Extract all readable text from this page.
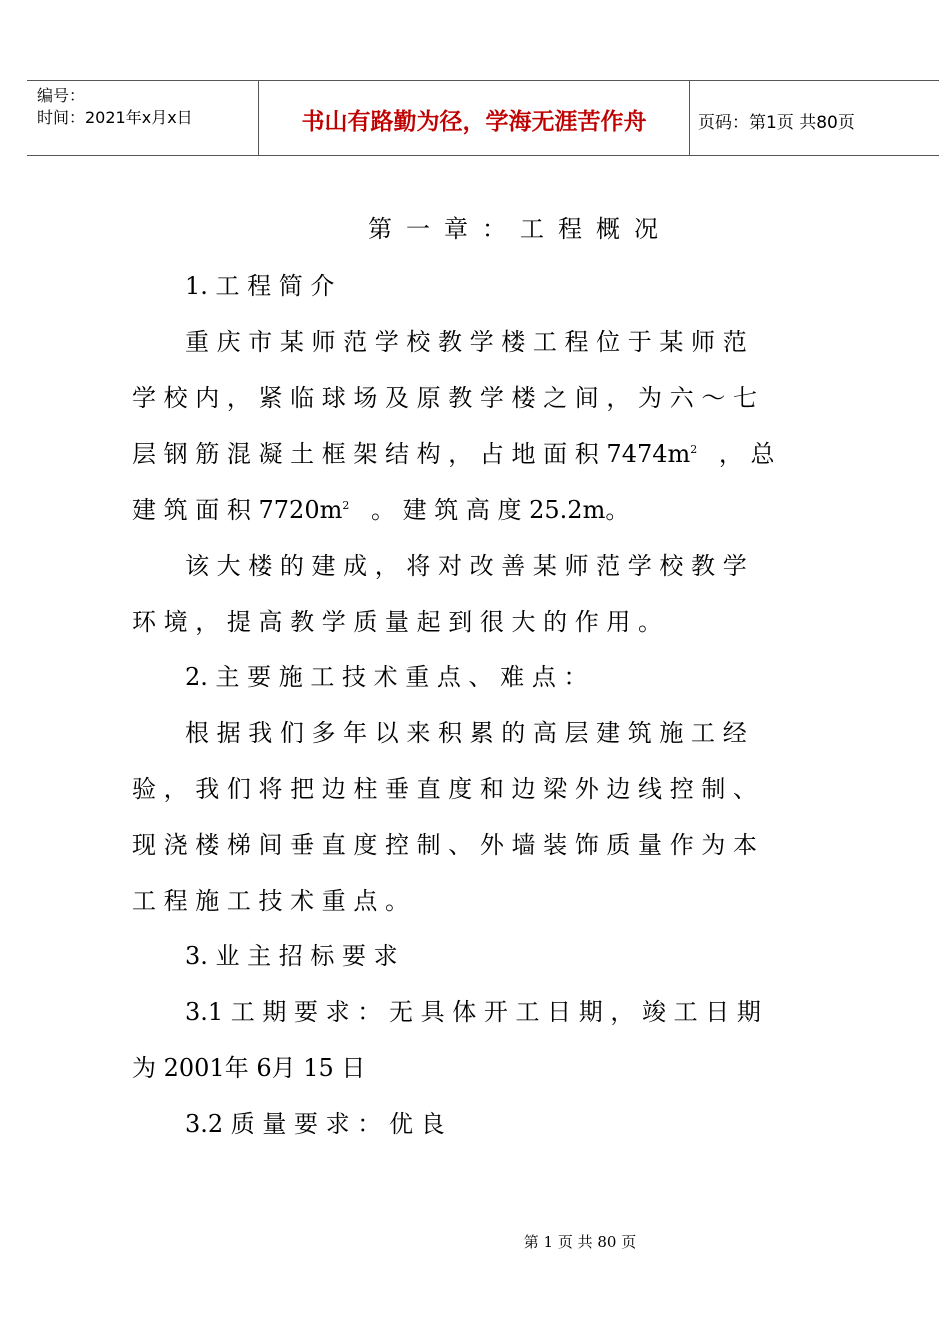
编号：
时间：2021年x月x日	书山有路勤为径，学海无涯苦作舟	页码：第1页 共80页
第一章：工程概况
1. 工 程 简 介
重 庆 市 某 师 范 学 校 教 学 楼 工 程 位 于 某 师 范
学 校 内 ， 紧 临 球 场 及 原 教 学 楼 之 间 ， 为 六 ～ 七
层 钢 筋 混 凝 土 框 架 结 构 ， 占 地 面 积 $7474m^2$ ， 总
建 筑 面 积 $7720m^2$ 。 建 筑 高 度 25.2m。
该 大 楼 的 建 成 ， 将 对 改 善 某 师 范 学 校 教 学
环 境 ， 提 高 教 学 质 量 起 到 很 大 的 作 用 。
2. 主 要 施 工 技 术 重 点 、 难 点 ：
根 据 我 们 多 年 以 来 积 累 的 高 层 建 筑 施 工 经
验 ， 我 们 将 把 边 柱 垂 直 度 和 边 梁 外 边 线 控 制 、
现 浇 楼 梯 间 垂 直 度 控 制 、 外 墙 装 饰 质 量 作 为 本
工 程 施 工 技 术 重 点 。
3. 业 主 招 标 要 求
3.1 工 期 要 求 ： 无 具 体 开 工 日 期 ， 竣 工 日 期
为 2001年 6月 15 日
3.2 质 量 要 求 ： 优 良
第 1 页 共 80 页
